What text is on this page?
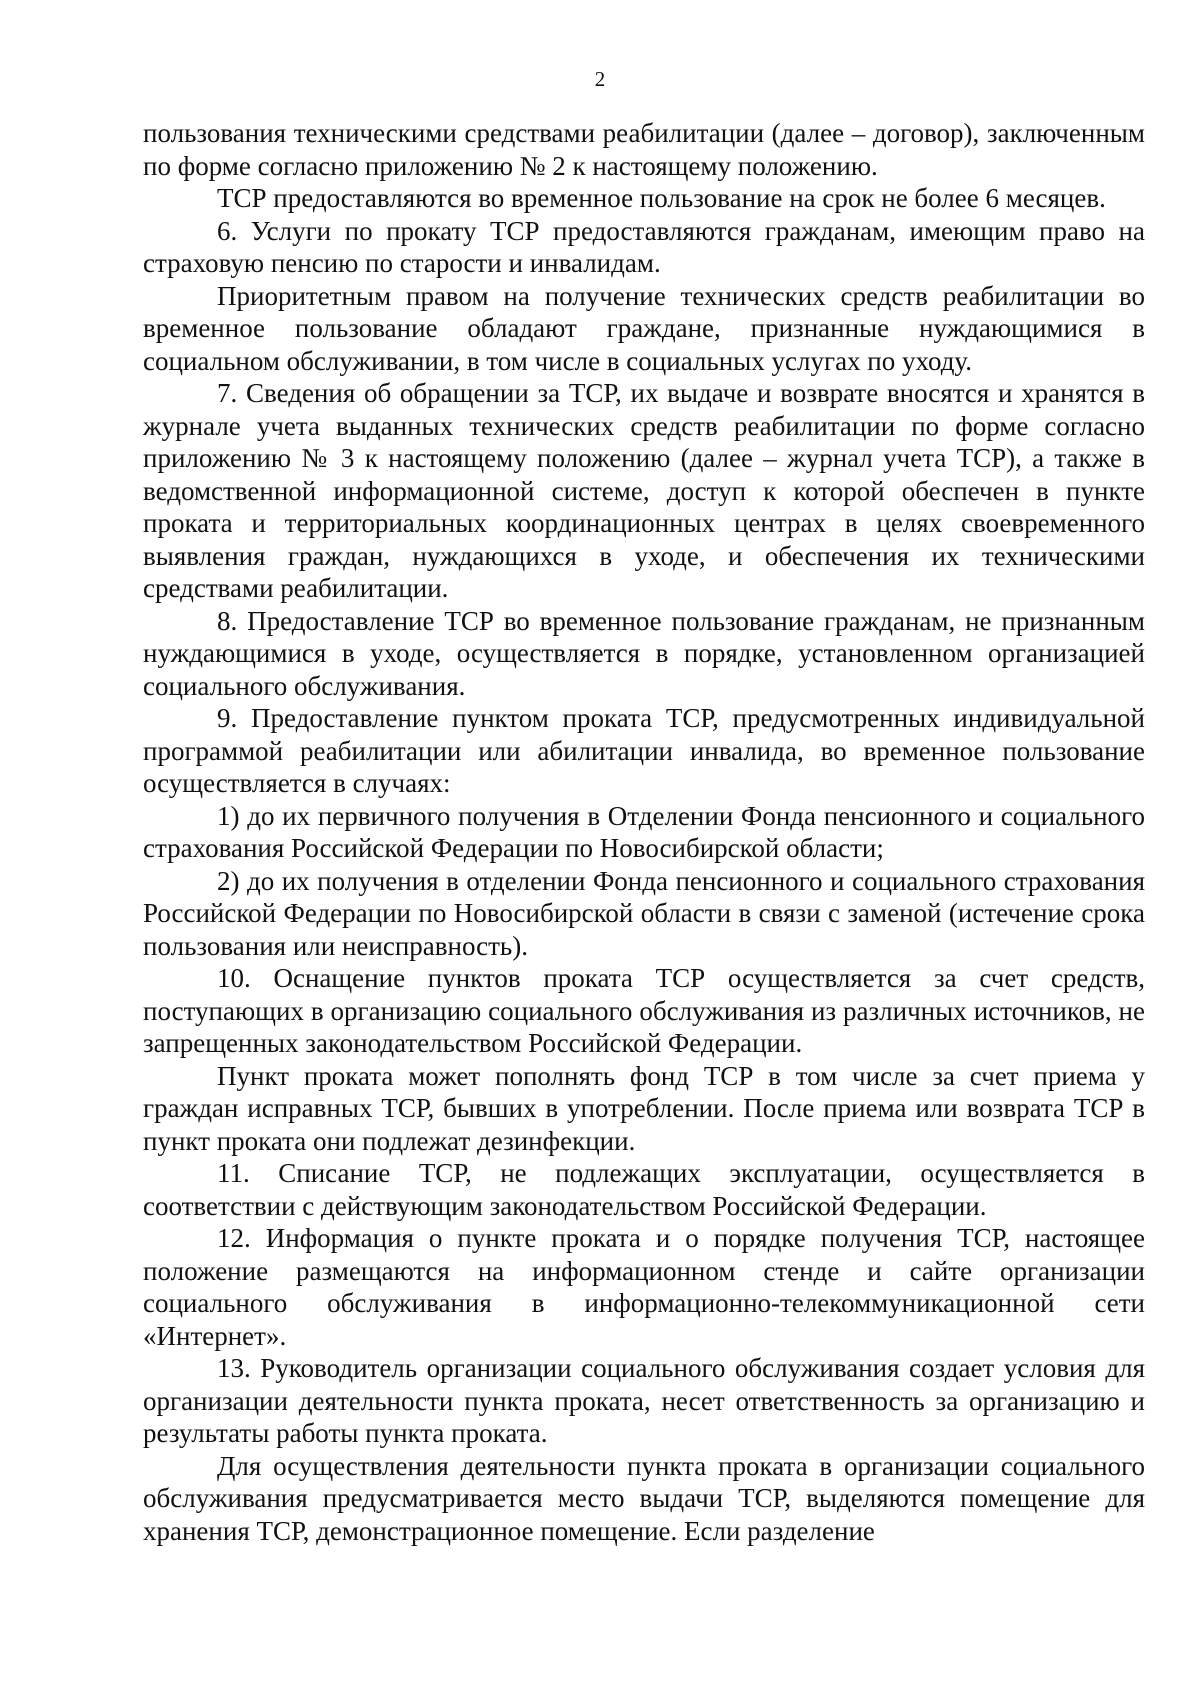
2

пользования техническими средствами реабилитации (далее – договор), заключенным по форме согласно приложению № 2 к настоящему положению.

ТСР предоставляются во временное пользование на срок не более 6 месяцев.

6. Услуги по прокату ТСР предоставляются гражданам, имеющим право на страховую пенсию по старости и инвалидам.

Приоритетным правом на получение технических средств реабилитации во временное пользование обладают граждане, признанные нуждающимися в социальном обслуживании, в том числе в социальных услугах по уходу.

7. Сведения об обращении за ТСР, их выдаче и возврате вносятся и хранятся в журнале учета выданных технических средств реабилитации по форме согласно приложению № 3 к настоящему положению (далее – журнал учета ТСР), а также в ведомственной информационной системе, доступ к которой обеспечен в пункте проката и территориальных координационных центрах в целях своевременного выявления граждан, нуждающихся в уходе, и обеспечения их техническими средствами реабилитации.

8. Предоставление ТСР во временное пользование гражданам, не признанным нуждающимися в уходе, осуществляется в порядке, установленном организацией социального обслуживания.

9. Предоставление пунктом проката ТСР, предусмотренных индивидуальной программой реабилитации или абилитации инвалида, во временное пользование осуществляется в случаях:

1) до их первичного получения в Отделении Фонда пенсионного и социального страхования Российской Федерации по Новосибирской области;

2) до их получения в отделении Фонда пенсионного и социального страхования Российской Федерации по Новосибирской области в связи с заменой (истечение срока пользования или неисправность).

10. Оснащение пунктов проката ТСР осуществляется за счет средств, поступающих в организацию социального обслуживания из различных источников, не запрещенных законодательством Российской Федерации.

Пункт проката может пополнять фонд ТСР в том числе за счет приема у граждан исправных ТСР, бывших в употреблении. После приема или возврата ТСР в пункт проката они подлежат дезинфекции.

11. Списание ТСР, не подлежащих эксплуатации, осуществляется в соответствии с действующим законодательством Российской Федерации.

12. Информация о пункте проката и о порядке получения ТСР, настоящее положение размещаются на информационном стенде и сайте организации социального обслуживания в информационно-телекоммуникационной сети «Интернет».

13. Руководитель организации социального обслуживания создает условия для организации деятельности пункта проката, несет ответственность за организацию и результаты работы пункта проката.

Для осуществления деятельности пункта проката в организации социального обслуживания предусматривается место выдачи ТСР, выделяются помещение для хранения ТСР, демонстрационное помещение. Если разделение
